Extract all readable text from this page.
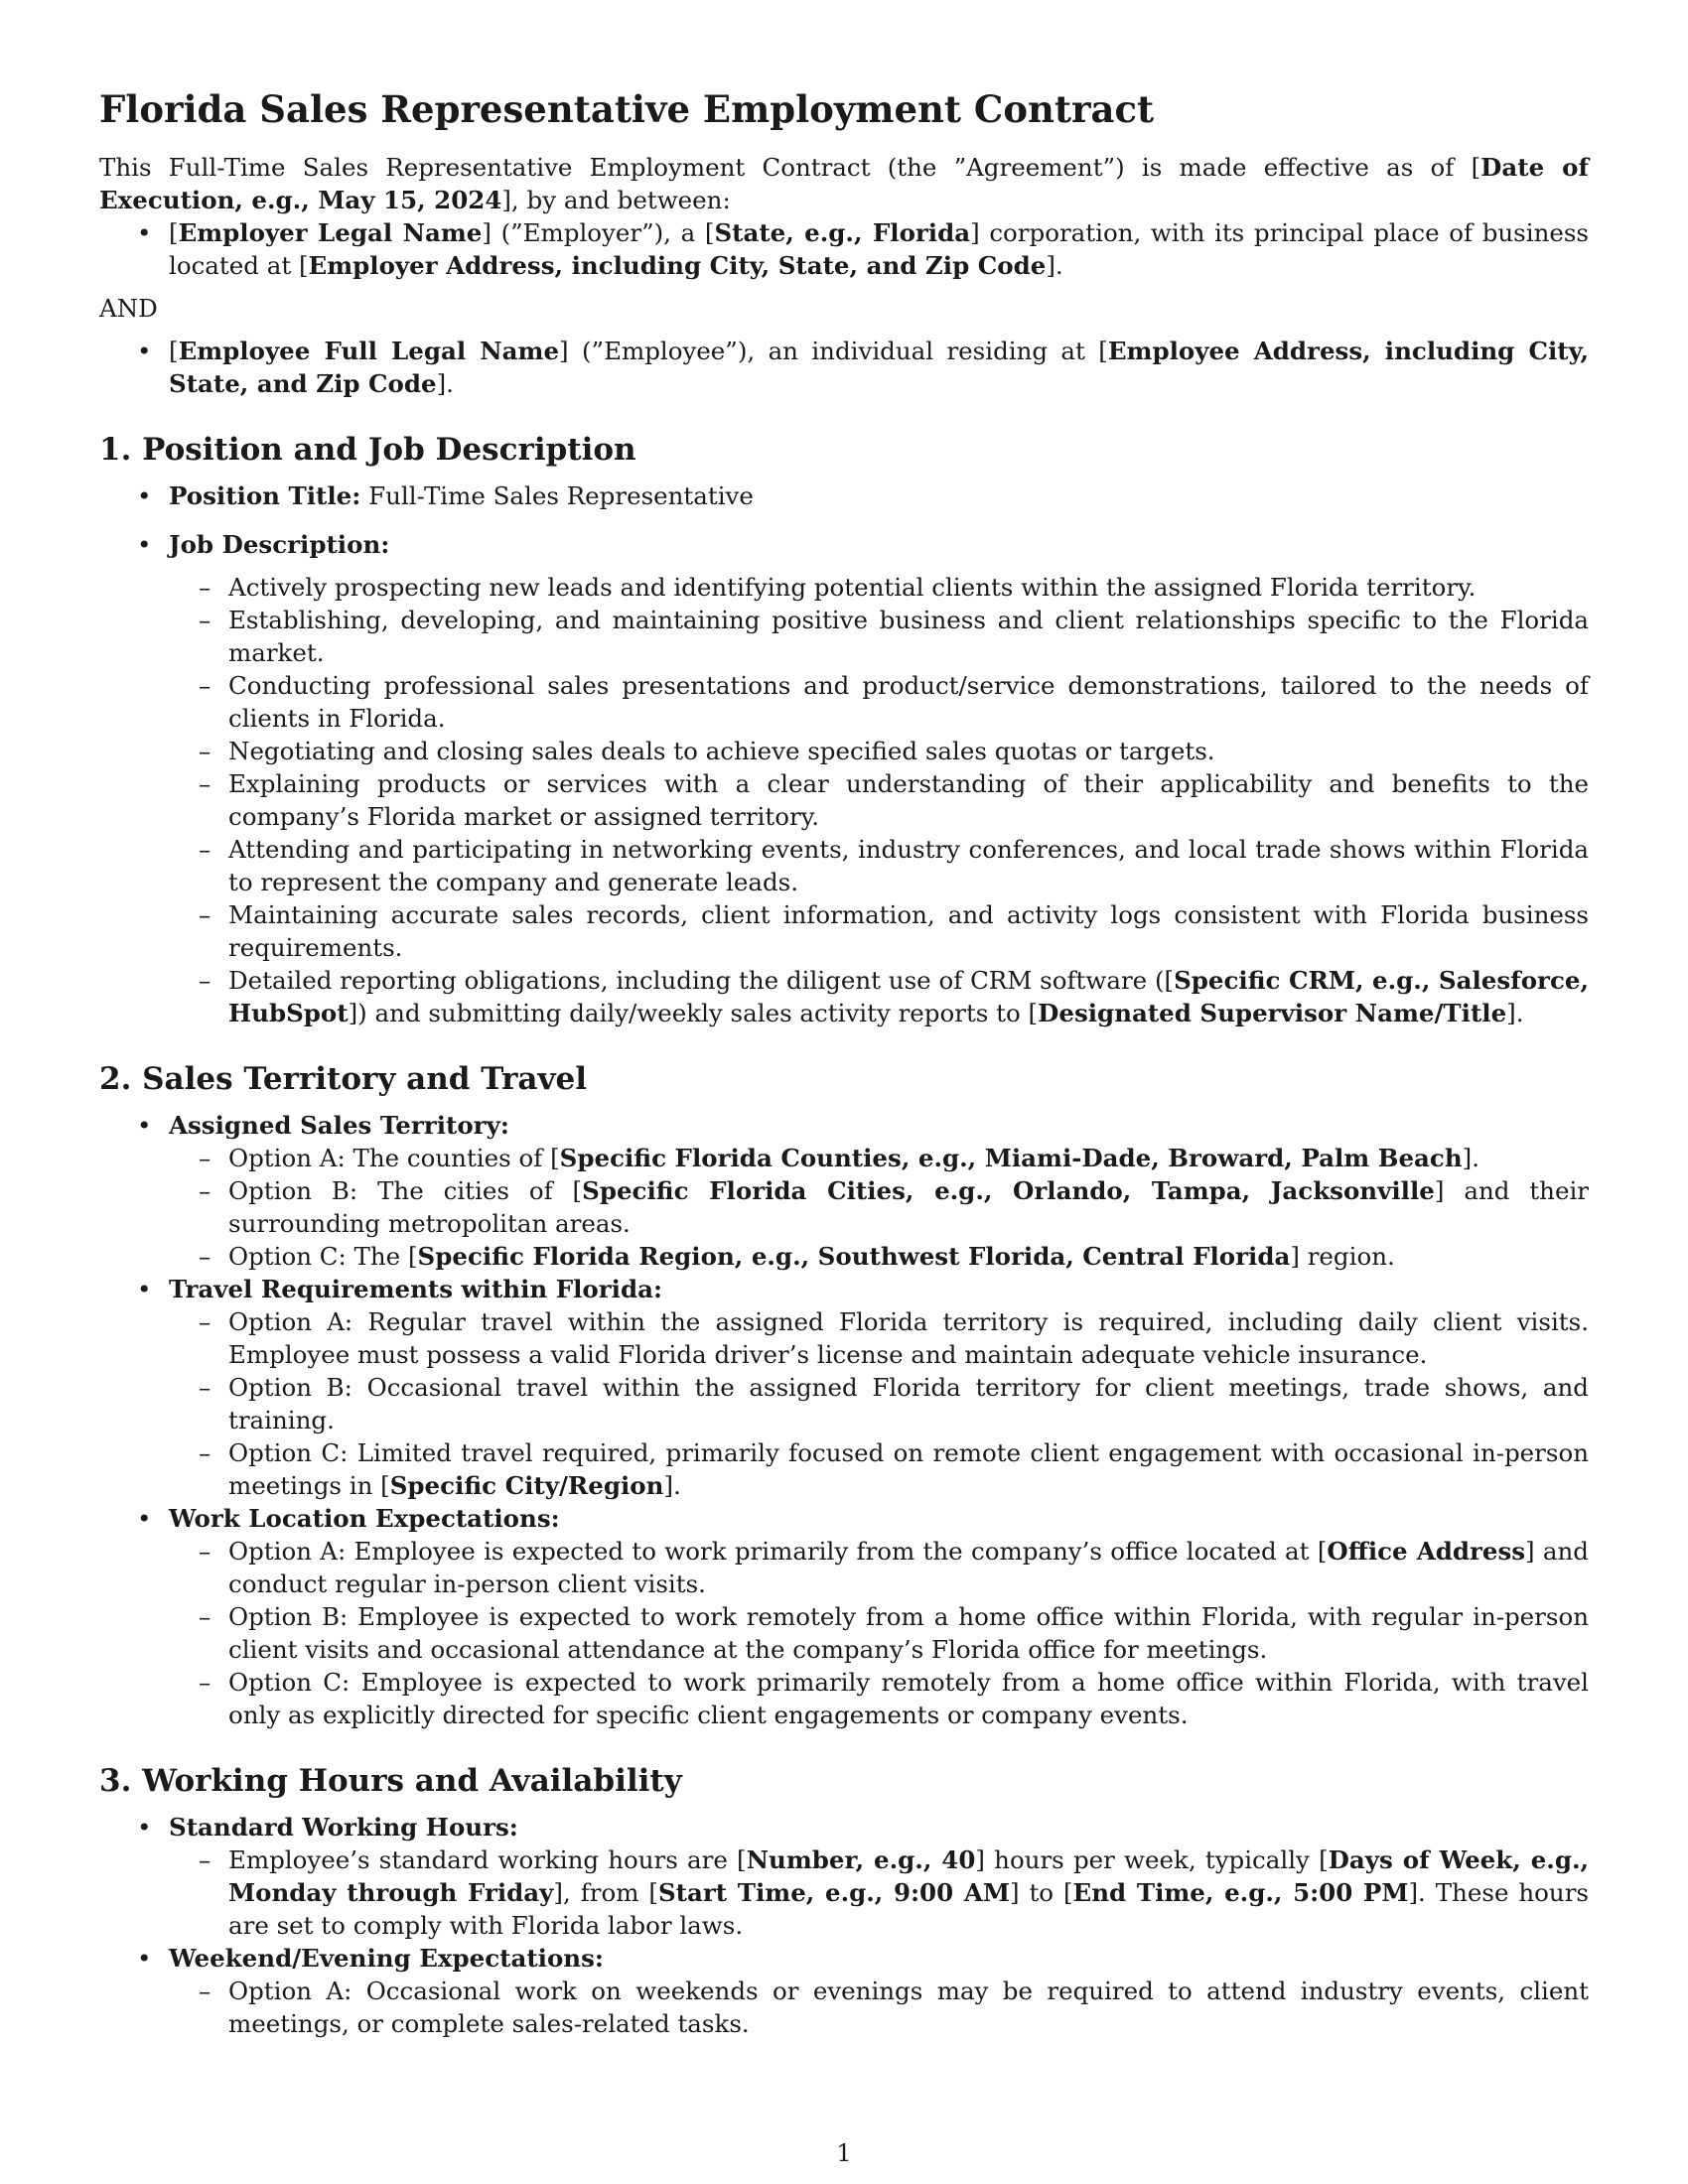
Florida Sales Representative Employment Contract

This Full-Time Sales Representative Employment Contract (the ”Agreement”) is made effective as of [Date of Execution, e.g., May 15, 2024], by and between:

• [Employer Legal Name] (”Employer”), a [State, e.g., Florida] corporation, with its principal place of business located at [Employer Address, including City, State, and Zip Code].

AND

• [Employee Full Legal Name] (”Employee”), an individual residing at [Employee Address, including City, State, and Zip Code].
1. Position and Job Description
• Position Title: Full-Time Sales Representative
• Job Description:
– Actively prospecting new leads and identifying potential clients within the assigned Florida territory.
– Establishing, developing, and maintaining positive business and client relationships specific to the Florida market.
– Conducting professional sales presentations and product/service demonstrations, tailored to the needs of clients in Florida.
– Negotiating and closing sales deals to achieve specified sales quotas or targets.
– Explaining products or services with a clear understanding of their applicability and benefits to the company’s Florida market or assigned territory.
– Attending and participating in networking events, industry conferences, and local trade shows within Florida to represent the company and generate leads.
– Maintaining accurate sales records, client information, and activity logs consistent with Florida business requirements.
– Detailed reporting obligations, including the diligent use of CRM software ([Specific CRM, e.g., Salesforce, HubSpot]) and submitting daily/weekly sales activity reports to [Designated Supervisor Name/Title].
2. Sales Territory and Travel
• Assigned Sales Territory:
– Option A: The counties of [Specific Florida Counties, e.g., Miami-Dade, Broward, Palm Beach].
– Option B: The cities of [Specific Florida Cities, e.g., Orlando, Tampa, Jacksonville] and their surrounding metropolitan areas.
– Option C: The [Specific Florida Region, e.g., Southwest Florida, Central Florida] region.
• Travel Requirements within Florida:
– Option A: Regular travel within the assigned Florida territory is required, including daily client visits. Employee must possess a valid Florida driver’s license and maintain adequate vehicle insurance.
– Option B: Occasional travel within the assigned Florida territory for client meetings, trade shows, and training.
– Option C: Limited travel required, primarily focused on remote client engagement with occasional in-person meetings in [Specific City/Region].
• Work Location Expectations:
– Option A: Employee is expected to work primarily from the company’s office located at [Office Address] and conduct regular in-person client visits.
– Option B: Employee is expected to work remotely from a home office within Florida, with regular in-person client visits and occasional attendance at the company’s Florida office for meetings.
– Option C: Employee is expected to work primarily remotely from a home office within Florida, with travel only as explicitly directed for specific client engagements or company events.
3. Working Hours and Availability
• Standard Working Hours:
– Employee’s standard working hours are [Number, e.g., 40] hours per week, typically [Days of Week, e.g., Monday through Friday], from [Start Time, e.g., 9:00 AM] to [End Time, e.g., 5:00 PM]. These hours are set to comply with Florida labor laws.
• Weekend/Evening Expectations:
– Option A: Occasional work on weekends or evenings may be required to attend industry events, client meetings, or complete sales-related tasks.
1
